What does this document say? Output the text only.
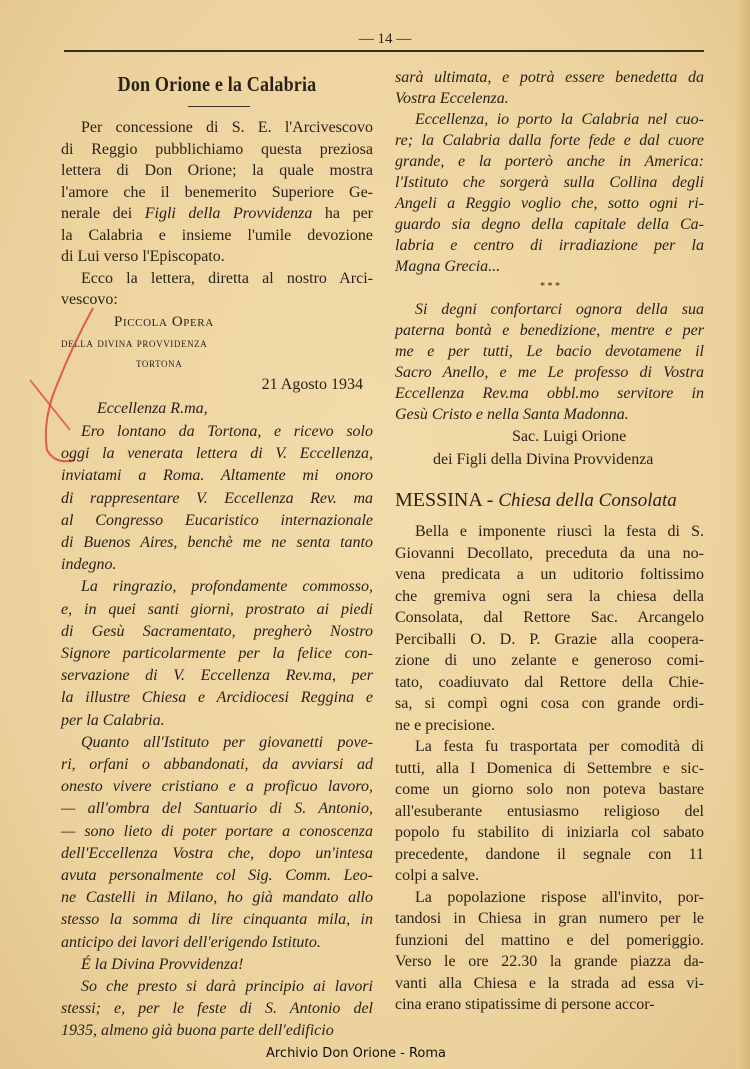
— 14 —
Don Orione e la Calabria
Per concessione di S. E. l'Arcivescovo
di Reggio pubblichiamo questa preziosa
lettera di Don Orione; la quale mostra
l'amore che il benemerito Superiore Ge-
nerale dei Figli della Provvidenza ha per
la Calabria e insieme l'umile devozione
di Lui verso l'Episcopato.
Ecco la lettera, diretta al nostro Arci-
vescovo:
Piccola Opera
della divina provvidenza
tortona
21 Agosto 1934
Eccellenza R.ma,
Ero lontano da Tortona, e ricevo solo
oggi la venerata lettera di V. Eccellenza,
inviatami a Roma. Altamente mi onoro
di rappresentare V. Eccellenza Rev. ma
al Congresso Eucaristico internazionale
di Buenos Aires, benchè me ne senta tanto
indegno.
La ringrazio, profondamente commosso,
e, in quei santi giorni, prostrato ai piedi
di Gesù Sacramentato, pregherò Nostro
Signore particolarmente per la felice con-
servazione di V. Eccellenza Rev.ma, per
la illustre Chiesa e Arcidiocesi Reggina e
per la Calabria.
Quanto all'Istituto per giovanetti pove-
ri, orfani o abbandonati, da avviarsi ad
onesto vivere cristiano e a proficuo lavoro,
— all'ombra del Santuario di S. Antonio,
— sono lieto di poter portare a conoscenza
dell'Eccellenza Vostra che, dopo un'intesa
avuta personalmente col Sig. Comm. Leo-
ne Castelli in Milano, ho già mandato allo
stesso la somma di lire cinquanta mila, in
anticipo dei lavori dell'erigendo Istituto.
É la Divina Provvidenza!
So che presto si darà principio ai lavori
stessi; e, per le feste di S. Antonio del
1935, almeno già buona parte dell'edificio
sarà ultimata, e potrà essere benedetta da
Vostra Eccelenza.
Eccellenza, io porto la Calabria nel cuo-
re; la Calabria dalla forte fede e dal cuore
grande, e la porterò anche in America:
l'Istituto che sorgerà sulla Collina degli
Angeli a Reggio voglio che, sotto ogni ri-
guardo sia degno della capitale della Ca-
labria e centro di irradiazione per la
Magna Grecia...
* * *
Si degni confortarci ognora della sua
paterna bontà e benedizione, mentre e per
me e per tutti, Le bacio devotamene il
Sacro Anello, e me Le professo di Vostra
Eccellenza Rev.ma obbl.mo servitore in
Gesù Cristo e nella Santa Madonna.
Sac. Luigi Orione
dei Figli della Divina Provvidenza
MESSINA - Chiesa della Consolata
Bella e imponente riuscì la festa di S.
Giovanni Decollato, preceduta da una no-
vena predicata a un uditorio foltissimo
che gremiva ogni sera la chiesa della
Consolata, dal Rettore Sac. Arcangelo
Perciballi O. D. P. Grazie alla coopera-
zione di uno zelante e generoso comi-
tato, coadiuvato dal Rettore della Chie-
sa, si compì ogni cosa con grande ordi-
ne e precisione.
La festa fu trasportata per comodità di
tutti, alla I Domenica di Settembre e sic-
come un giorno solo non poteva bastare
all'esuberante entusiasmo religioso del
popolo fu stabilito di iniziarla col sabato
precedente, dandone il segnale con 11
colpi a salve.
La popolazione rispose all'invito, por-
tandosi in Chiesa in gran numero per le
funzioni del mattino e del pomeriggio.
Verso le ore 22.30 la grande piazza da-
vanti alla Chiesa e la strada ad essa vi-
cina erano stipatissime di persone accor-
Archivio Don Orione - Roma
